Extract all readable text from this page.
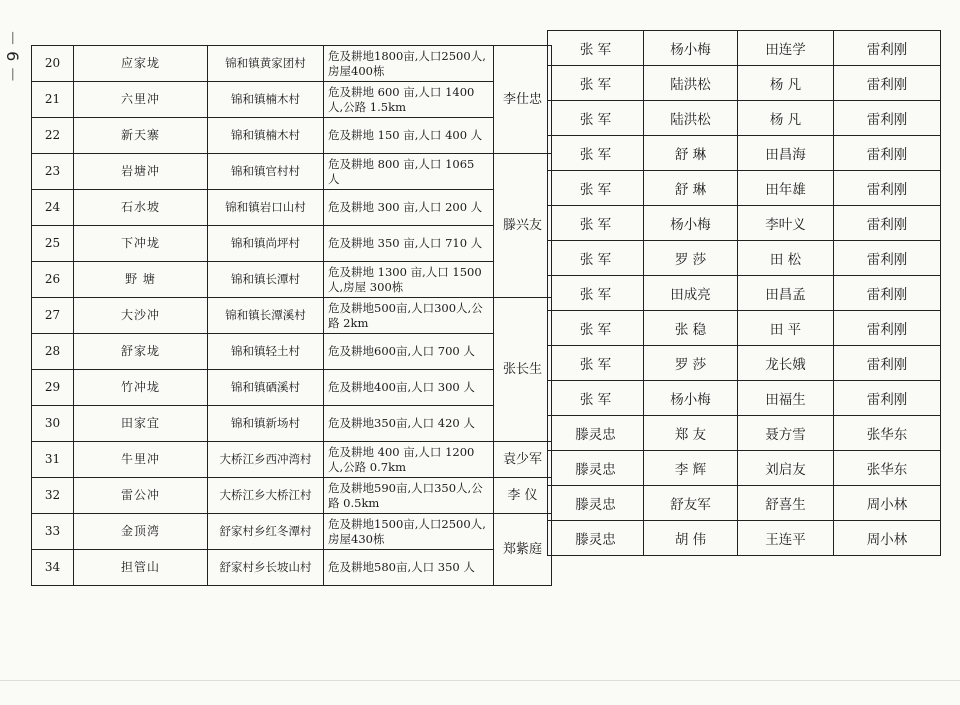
－ 6 － 20	应家垅	锦和镇黄家团村	危及耕地1800亩,人口2500人,房屋400栋	李仕忠

21	六里冲	锦和镇楠木村	危及耕地 600 亩,人口 1400人,公路 1.5km	
22	新天寨	锦和镇楠木村	危及耕地 150 亩,人口 400 人	
23	岩塘冲	锦和镇官村村	危及耕地 800 亩,人口 1065 人	滕兴友

24	石水坡	锦和镇岩口山村	危及耕地 300 亩,人口 200 人	
25	下冲垅	锦和镇尚坪村	危及耕地 350 亩,人口 710 人	
26	野 塘	锦和镇长潭村	危及耕地 1300 亩,人口 1500人,房屋 300栋	
27	大沙冲	锦和镇长潭溪村	危及耕地500亩,人口300人,公路 2km	张长生

28	舒家垅	锦和镇轻土村	危及耕地600亩,人口 700 人	
29	竹冲垅	锦和镇硒溪村	危及耕地400亩,人口 300 人	
30	田家宜	锦和镇新场村	危及耕地350亩,人口 420 人	
31	牛里冲	大桥江乡西冲湾村	危及耕地 400 亩,人口 1200人,公路 0.7km	袁少军

32	雷公冲	大桥江乡大桥江村	危及耕地590亩,人口350人,公路 0.5km	李 仪

33	金顶湾	舒家村乡红冬潭村	危及耕地1500亩,人口2500人,房屋430栋	郑紫庭

34	担管山	舒家村乡长坡山村	危及耕地580亩,人口 350 人	
张 军	杨小梅	田连学	雷利刚
张 军	陆洪松	杨 凡	雷利刚
张 军	陆洪松	杨 凡	雷利刚
张 军	舒 琳	田昌海	雷利刚
张 军	舒 琳	田年雄	雷利刚
张 军	杨小梅	李叶义	雷利刚
张 军	罗 莎	田 松	雷利刚
张 军	田成亮	田昌孟	雷利刚
张 军	张 稳	田 平	雷利刚
张 军	罗 莎	龙长娥	雷利刚
张 军	杨小梅	田福生	雷利刚
滕灵忠	郑 友	聂方雪	张华东
滕灵忠	李 辉	刘启友	张华东
滕灵忠	舒友军	舒喜生	周小林
滕灵忠	胡 伟	王连平	周小林
